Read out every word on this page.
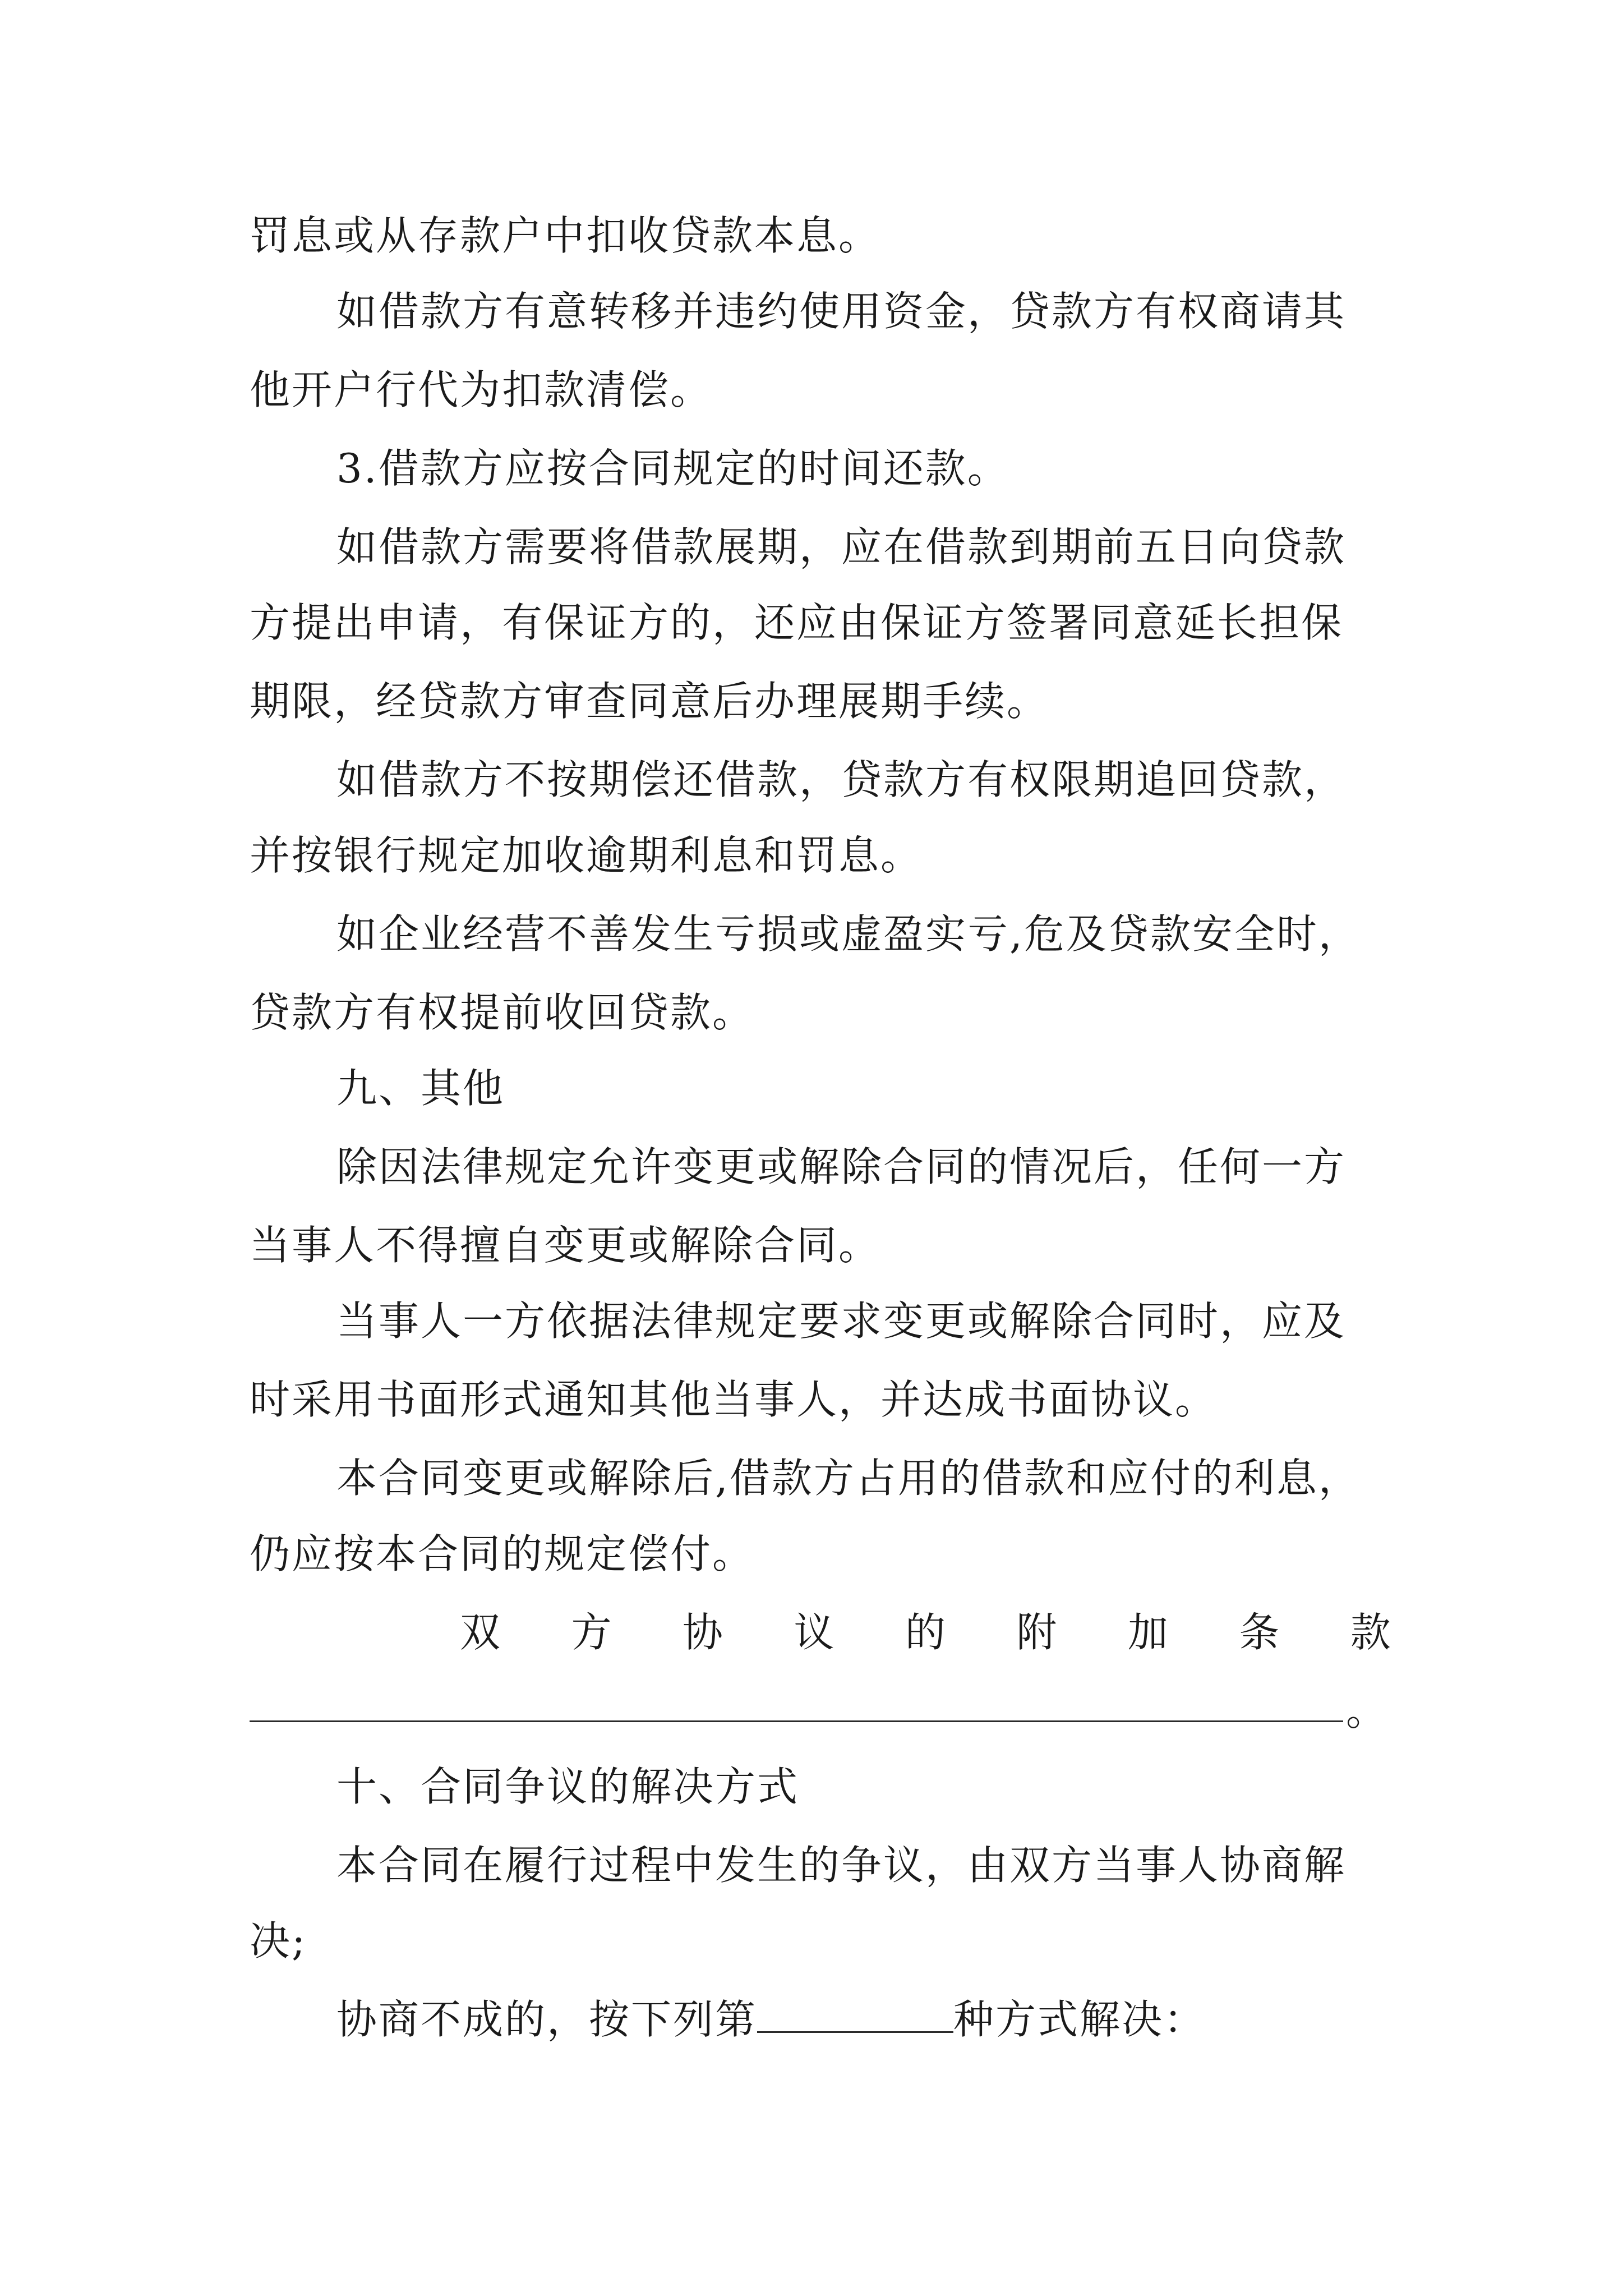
罚息或从存款户中扣收贷款本息。
如借款方有意转移并违约使用资金，贷款方有权商请其
他开户行代为扣款清偿。
3.借款方应按合同规定的时间还款。
如借款方需要将借款展期，应在借款到期前五日向贷款
方提出申请，有保证方的，还应由保证方签署同意延长担保
期限，经贷款方审查同意后办理展期手续。
如借款方不按期偿还借款，贷款方有权限期追回贷款，
并按银行规定加收逾期利息和罚息。
如企业经营不善发生亏损或虚盈实亏,危及贷款安全时，
贷款方有权提前收回贷款。
九、其他
除因法律规定允许变更或解除合同的情况后，任何一方
当事人不得擅自变更或解除合同。
当事人一方依据法律规定要求变更或解除合同时，应及
时采用书面形式通知其他当事人，并达成书面协议。
本合同变更或解除后,借款方占用的借款和应付的利息，
仍应按本合同的规定偿付。
双 方 协 议 的 附 加 条 款
。
十、合同争议的解决方式
本合同在履行过程中发生的争议，由双方当事人协商解
决;
协商不成的，按下列第	种方式解决：
